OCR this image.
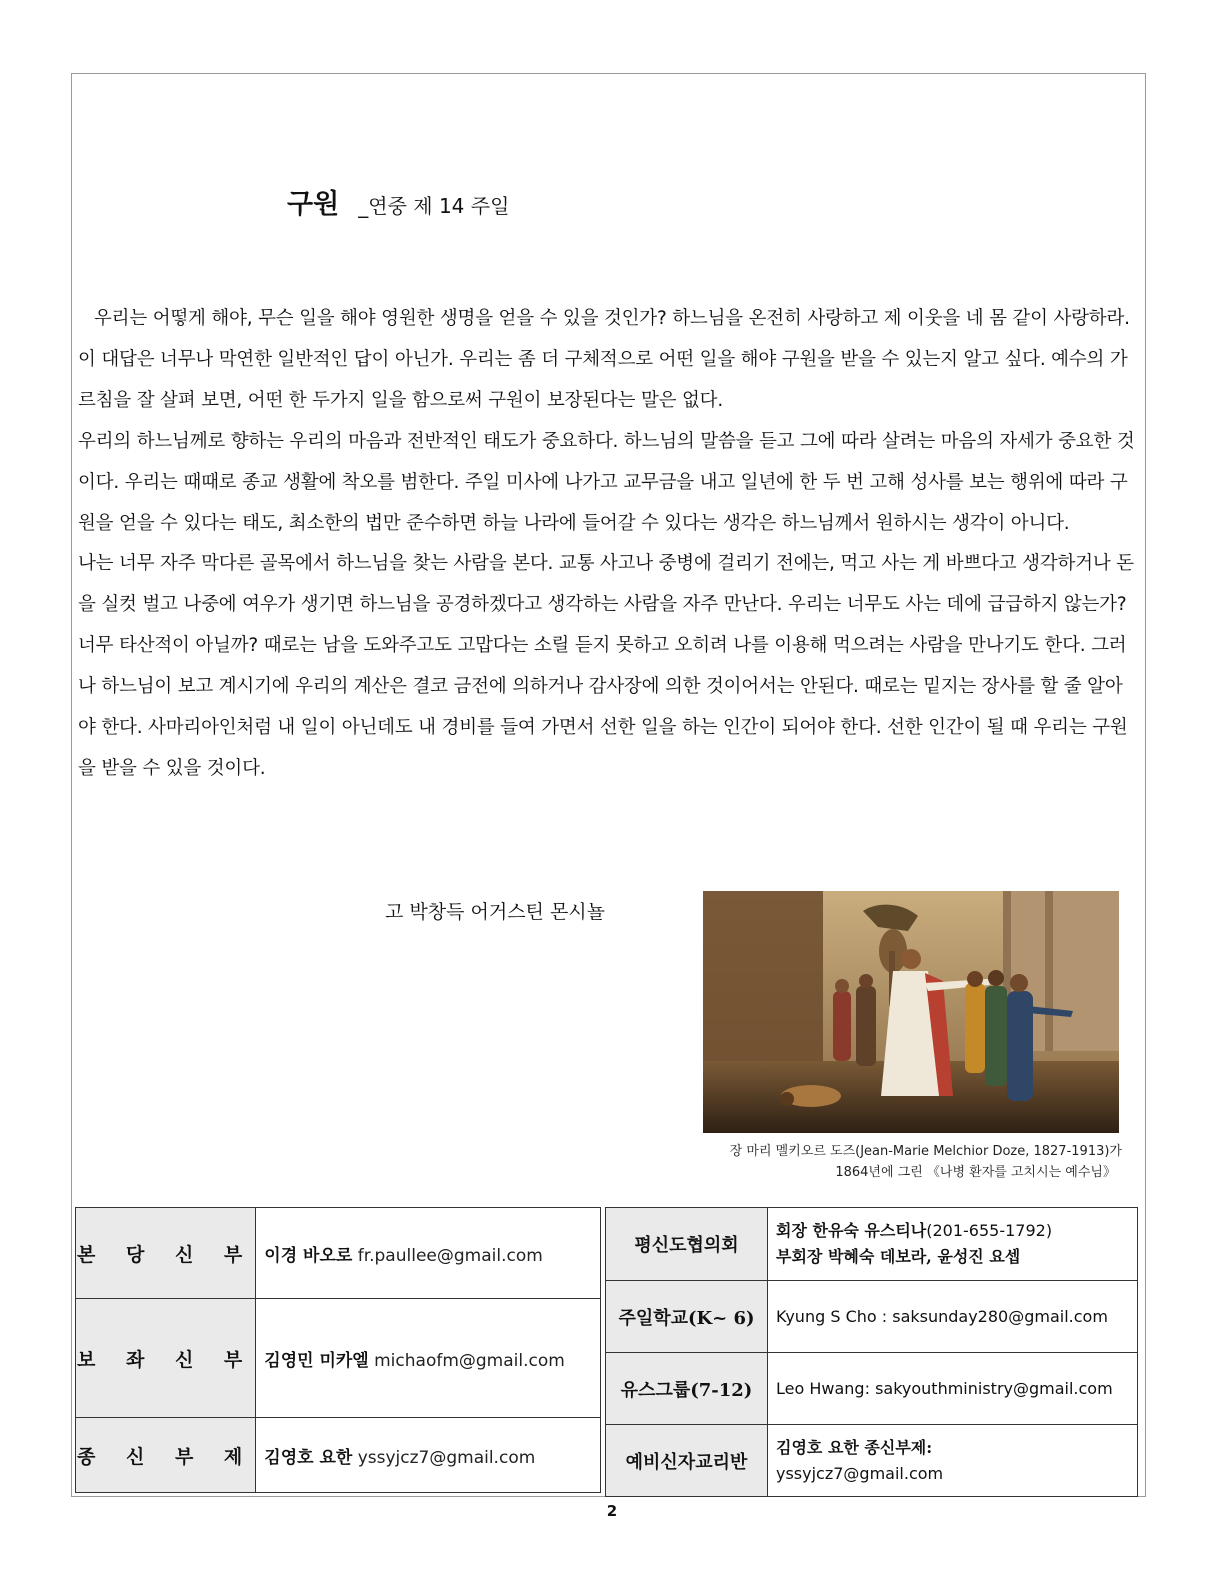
구원 _연중 제 14 주일

우리는 어떻게 해야, 무슨 일을 해야 영원한 생명을 얻을 수 있을 것인가? 하느님을 온전히 사랑하고 제 이웃을 네 몸 같이 사랑하라. 이 대답은 너무나 막연한 일반적인 답이 아닌가. 우리는 좀 더 구체적으로 어떤 일을 해야 구원을 받을 수 있는지 알고 싶다. 예수의 가르침을 잘 살펴 보면, 어떤 한 두가지 일을 함으로써 구원이 보장된다는 말은 없다.

우리의 하느님께로 향하는 우리의 마음과 전반적인 태도가 중요하다. 하느님의 말씀을 듣고 그에 따라 살려는 마음의 자세가 중요한 것이다. 우리는 때때로 종교 생활에 착오를 범한다. 주일 미사에 나가고 교무금을 내고 일년에 한 두 번 고해 성사를 보는 행위에 따라 구원을 얻을 수 있다는 태도, 최소한의 법만 준수하면 하늘 나라에 들어갈 수 있다는 생각은 하느님께서 원하시는 생각이 아니다.

나는 너무 자주 막다른 골목에서 하느님을 찾는 사람을 본다. 교통 사고나 중병에 걸리기 전에는, 먹고 사는 게 바쁘다고 생각하거나 돈을 실컷 벌고 나중에 여우가 생기면 하느님을 공경하겠다고 생각하는 사람을 자주 만난다. 우리는 너무도 사는 데에 급급하지 않는가? 너무 타산적이 아닐까? 때로는 남을 도와주고도 고맙다는 소릴 듣지 못하고 오히려 나를 이용해 먹으려는 사람을 만나기도 한다. 그러나 하느님이 보고 계시기에 우리의 계산은 결코 금전에 의하거나 감사장에 의한 것이어서는 안된다. 때로는 밑지는 장사를 할 줄 알아야 한다. 사마리아인처럼 내 일이 아닌데도 내 경비를 들여 가면서 선한 일을 하는 인간이 되어야 한다. 선한 인간이 될 때 우리는 구원을 받을 수 있을 것이다.

고 박창득 어거스틴 몬시뇰
장 마리 멜키오르 도즈(Jean-Marie Melchior Doze, 1827-1913)가
1864년에 그린 《나병 환자를 고치시는 예수님》
본 당 신 부	이경 바오로 fr.paullee@gmail.com
보 좌 신 부	김영민 미카엘 michaofm@gmail.com
종 신 부 제	김영호 요한 yssyjcz7@gmail.com
평신도협의회	회장 한유숙 유스티나(201-655-1792)
부회장 박혜숙 데보라, 윤성진 요셉

주일학교(K~ 6)	Kyung S Cho : saksunday280@gmail.com
유스그룹(7-12)	Leo Hwang: sakyouthministry@gmail.com
예비신자교리반	김영호 요한 종신부제:
yssyjcz7@gmail.com
2
